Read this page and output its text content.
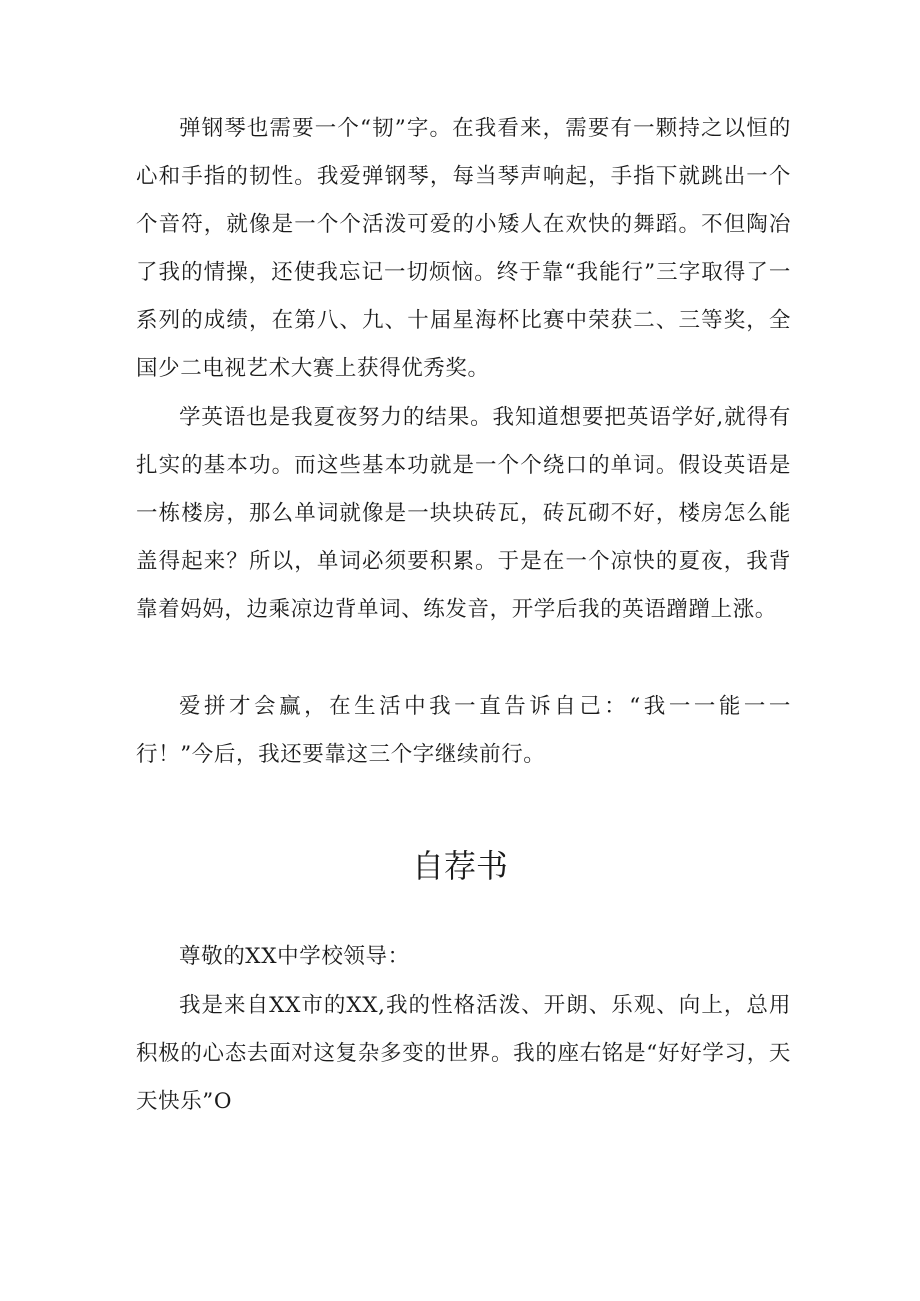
弹钢琴也需要一个“韧”字。在我看来，需要有一颗持之以恒的心和手指的韧性。我爱弹钢琴，每当琴声响起，手指下就跳出一个个音符，就像是一个个活泼可爱的小矮人在欢快的舞蹈。不但陶冶了我的情操，还使我忘记一切烦恼。终于靠“我能行”三字取得了一系列的成绩，在第八、九、十届星海杯比赛中荣获二、三等奖，全国少二电视艺术大赛上获得优秀奖。

学英语也是我夏夜努力的结果。我知道想要把英语学好,就得有扎实的基本功。而这些基本功就是一个个绕口的单词。假设英语是一栋楼房，那么单词就像是一块块砖瓦，砖瓦砌不好，楼房怎么能盖得起来？所以，单词必须要积累。于是在一个凉快的夏夜，我背靠着妈妈，边乘凉边背单词、练发音，开学后我的英语蹭蹭上涨。

爱拼才会赢，在生活中我一直告诉自己：“我一一能一一行！”今后，我还要靠这三个字继续前行。

自荐书

尊敬的XX中学校领导：

我是来自XX市的XX,我的性格活泼、开朗、乐观、向上，总用积极的心态去面对这复杂多变的世界。我的座右铭是“好好学习，天天快乐”O
